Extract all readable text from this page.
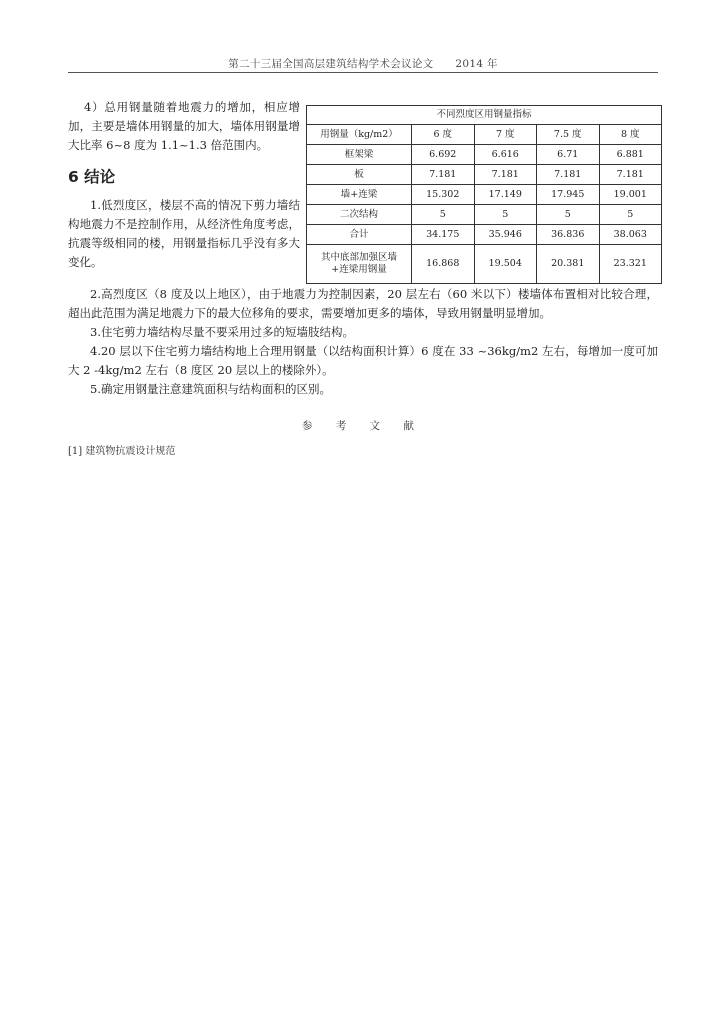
第二十三届全国高层建筑结构学术会议论文 2014 年

4）总用钢量随着地震力的增加，相应增加，主要是墙体用钢量的加大，墙体用钢量增大比率 6~8 度为 1.1~1.3 倍范围内。

6 结论

1.低烈度区，楼层不高的情况下剪力墙结构地震力不是控制作用，从经济性角度考虑，抗震等级相同的楼，用钢量指标几乎没有多大变化。

不同烈度区用钢量指标				
用钢量（kg/m2）	6 度	7 度	7.5 度	8 度
框架梁	6.692	6.616	6.71	6.881
板	7.181	7.181	7.181	7.181
墙+连梁	15.302	17.149	17.945	19.001
二次结构	5	5	5	5
合计	34.175	35.946	36.836	38.063

其中底部加强区墙
+连梁用钢量	16.868	19.504	20.381	23.321

2.高烈度区（8 度及以上地区），由于地震力为控制因素，20 层左右（60 米以下）楼墙体布置相对比较合理，超出此范围为满足地震力下的最大位移角的要求，需要增加更多的墙体，导致用钢量明显增加。

3.住宅剪力墙结构尽量不要采用过多的短墙肢结构。

4.20 层以下住宅剪力墙结构地上合理用钢量（以结构面积计算）6 度在 33 ~36kg/m2 左右，每增加一度可加大 2 -4kg/m2 左右（8 度区 20 层以上的楼除外）。

5.确定用钢量注意建筑面积与结构面积的区别。

参 考 文 献
[1] 建筑物抗震设计规范
